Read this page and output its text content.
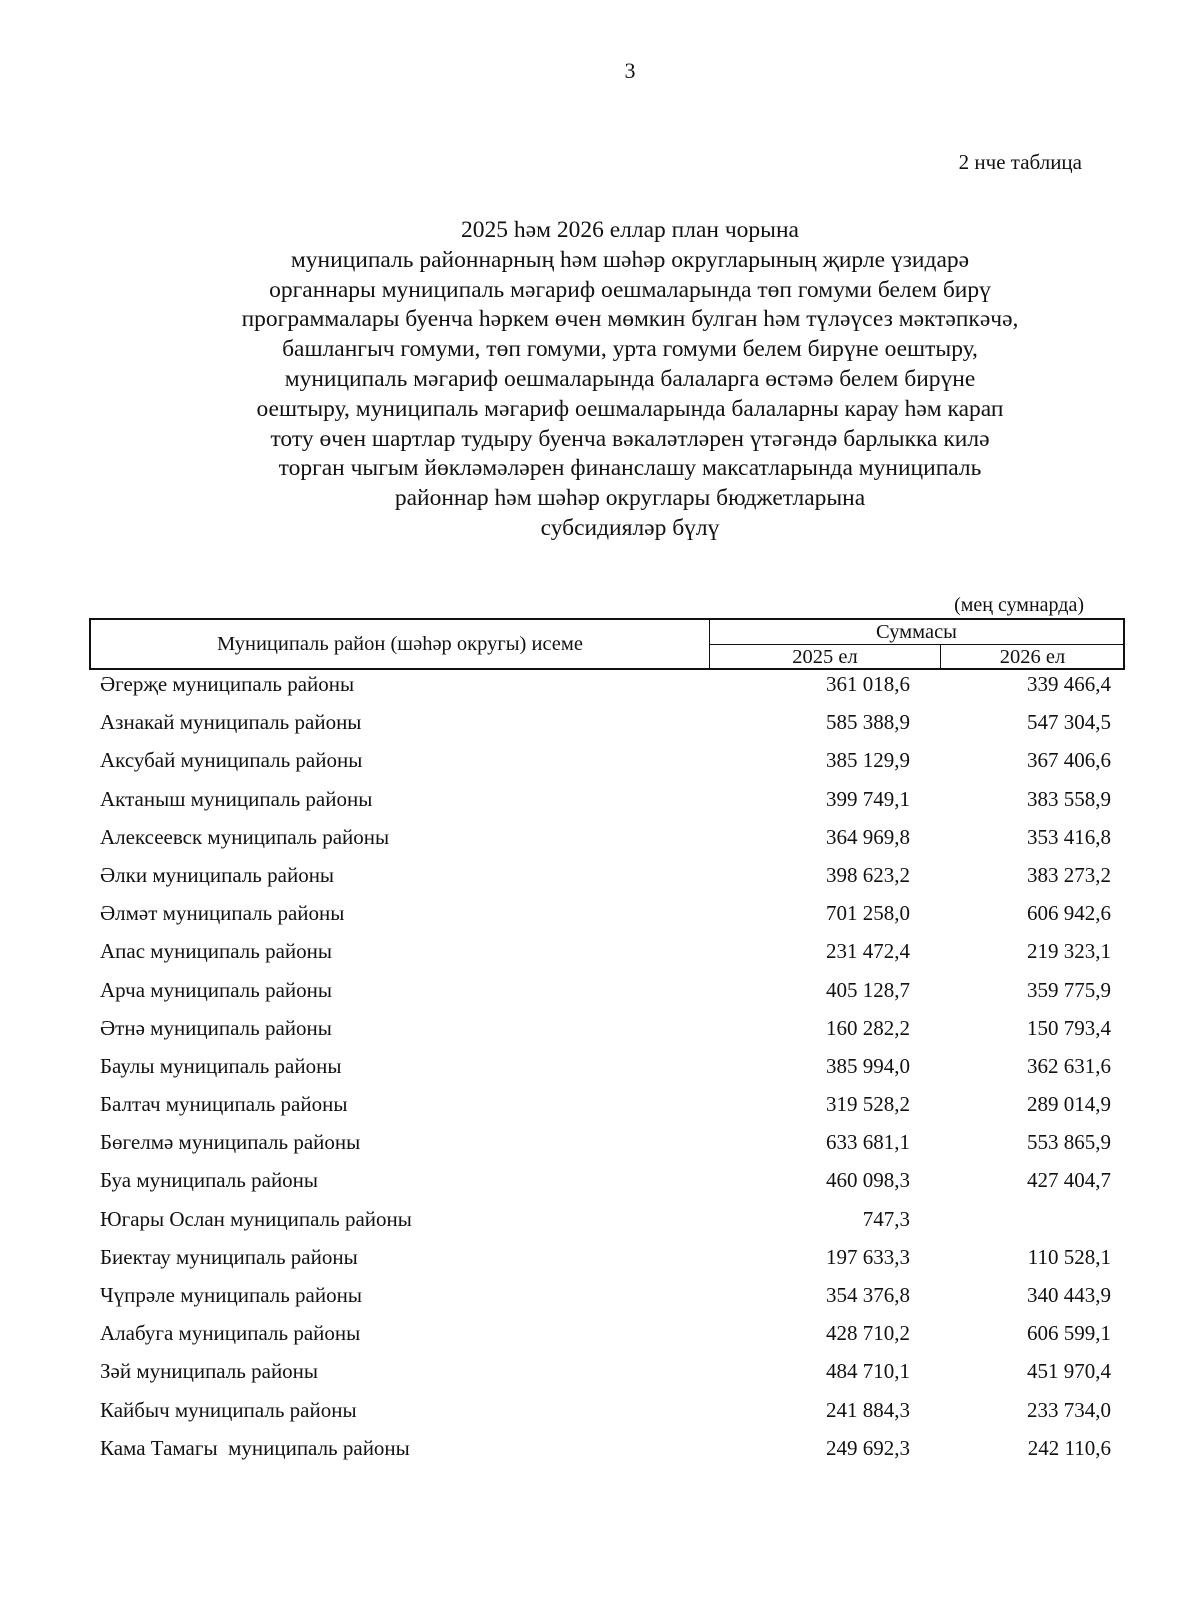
3
2 нче таблица
2025 һәм 2026 еллар план чорына
муниципаль районнарның һәм шәһәр округларының җирле үзидарә
органнары муниципаль мәгариф оешмаларында төп гомуми белем бирү
программалары буенча һәркем өчен мөмкин булган һәм түләүсез мәктәпкәчә,
башлангыч гомуми, төп гомуми, урта гомуми белем бирүне оештыру,
муниципаль мәгариф оешмаларында балаларга өстәмә белем бирүне
оештыру, муниципаль мәгариф оешмаларында балаларны карау һәм карап
тоту өчен шартлар тудыру буенча вәкаләтләрен үтәгәндә барлыкка килә
торган чыгым йөкләмәләрен финанслашу максатларында муниципаль
районнар һәм шәһәр округлары бюджетларына
субсидияләр бүлү
(мең сумнарда)
Муниципаль район (шәһәр округы) исеме
Суммасы
2025 ел	2026 ел
Әгерҗе муниципаль районы	361 018,6	339 466,4
Азнакай муниципаль районы	585 388,9	547 304,5
Аксубай муниципаль районы	385 129,9	367 406,6
Актаныш муниципаль районы	399 749,1	383 558,9
Алексеевск муниципаль районы	364 969,8	353 416,8
Әлки муниципаль районы	398 623,2	383 273,2
Әлмәт муниципаль районы	701 258,0	606 942,6
Апас муниципаль районы	231 472,4	219 323,1
Арча муниципаль районы	405 128,7	359 775,9
Әтнә муниципаль районы	160 282,2	150 793,4
Баулы муниципаль районы	385 994,0	362 631,6
Балтач муниципаль районы	319 528,2	289 014,9
Бөгелмә муниципаль районы	633 681,1	553 865,9
Буа муниципаль районы	460 098,3	427 404,7
Югары Ослан муниципаль районы	747,3
Биектау муниципаль районы	197 633,3	110 528,1
Чүпрәле муниципаль районы	354 376,8	340 443,9
Алабуга муниципаль районы	428 710,2	606 599,1
Зәй муниципаль районы	484 710,1	451 970,4
Кайбыч муниципаль районы	241 884,3	233 734,0
Кама Тамагы  муниципаль районы	249 692,3	242 110,6
